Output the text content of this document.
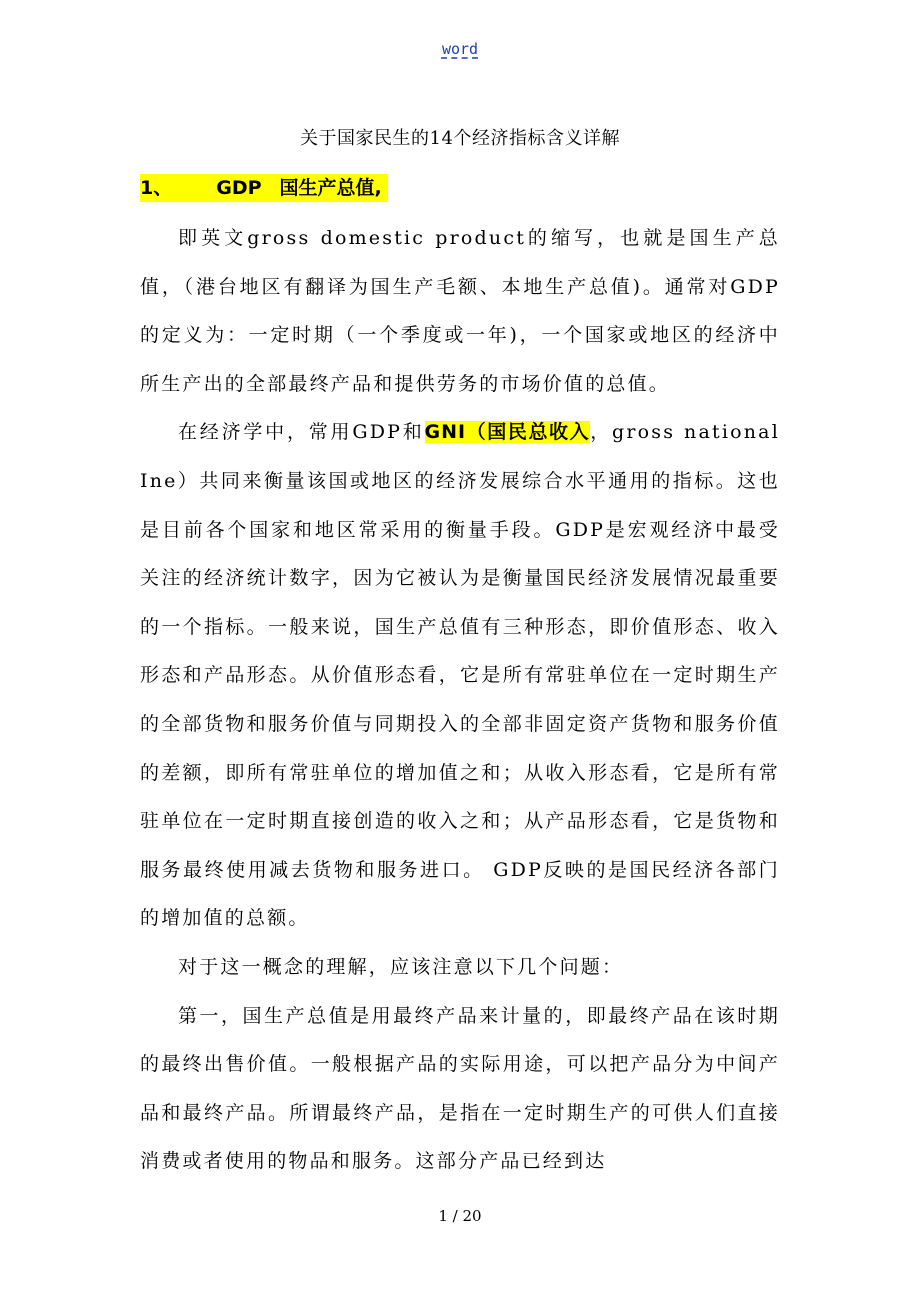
word
关于国家民生的14个经济指标含义详解
1、 GDP 国生产总值,

即英文gross domestic product的缩写，也就是国生产总值，（港台地区有翻译为国生产毛额、本地生产总值)。通常对GDP的定义为：一定时期（一个季度或一年)，一个国家或地区的经济中所生产出的全部最终产品和提供劳务的市场价值的总值。

在经济学中，常用GDP和GNI（国民总收入，gross national Ine）共同来衡量该国或地区的经济发展综合水平通用的指标。这也是目前各个国家和地区常采用的衡量手段。GDP是宏观经济中最受关注的经济统计数字，因为它被认为是衡量国民经济发展情况最重要的一个指标。一般来说，国生产总值有三种形态，即价值形态、收入形态和产品形态。从价值形态看，它是所有常驻单位在一定时期生产的全部货物和服务价值与同期投入的全部非固定资产货物和服务价值的差额，即所有常驻单位的增加值之和；从收入形态看，它是所有常驻单位在一定时期直接创造的收入之和；从产品形态看，它是货物和服务最终使用减去货物和服务进口。 GDP反映的是国民经济各部门的增加值的总额。

对于这一概念的理解，应该注意以下几个问题：

第一，国生产总值是用最终产品来计量的，即最终产品在该时期的最终出售价值。一般根据产品的实际用途，可以把产品分为中间产品和最终产品。所谓最终产品，是指在一定时期生产的可供人们直接消费或者使用的物品和服务。这部分产品已经到达

1 / 20
